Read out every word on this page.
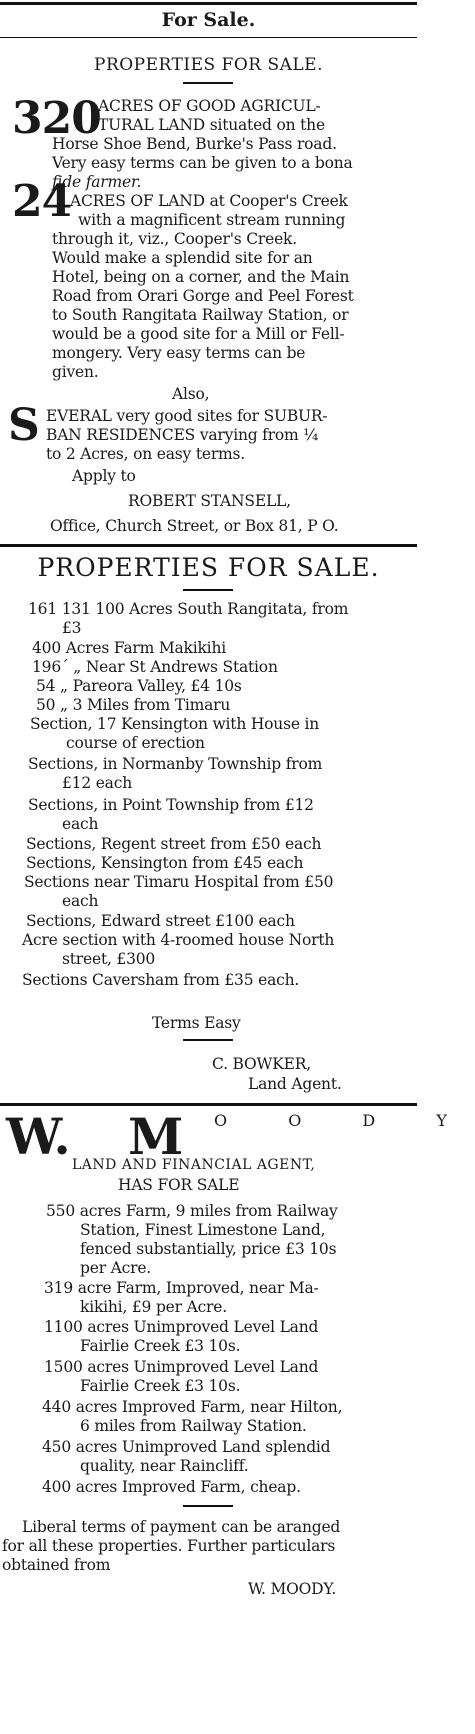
For Sale.
PROPERTIES FOR SALE.
320
ACRES OF GOOD AGRICUL-
TURAL LAND situated on the
Horse Shoe Bend, Burke's Pass road.
Very easy terms can be given to a bona
fide farmer.
24
ACRES OF LAND at Cooper's Creek
with a magnificent stream running
through it, viz., Cooper's Creek.
Would make a splendid site for an
Hotel, being on a corner, and the Main
Road from Orari Gorge and Peel Forest
to South Rangitata Railway Station, or
would be a good site for a Mill or Fell-
mongery. Very easy terms can be
given.
Also,
S EVERAL very good sites for SUBUR-
BAN RESIDENCES varying from ¼
to 2 Acres, on easy terms.
Apply to
ROBERT STANSELL,
Office, Church Street, or Box 81, P O.
PROPERTIES FOR SALE.
161 131 100 Acres South Rangitata, from
£3
400 Acres Farm Makikihi
196´ „ Near St Andrews Station
54 „ Pareora Valley, £4 10s
50 „ 3 Miles from Timaru
Section, 17 Kensington with House in
course of erection
Sections, in Normanby Township from
£12 each
Sections, in Point Township from £12
each
Sections, Regent street from £50 each
Sections, Kensington from £45 each
Sections near Timaru Hospital from £50
each
Sections, Edward street £100 each
Acre section with 4-roomed house North
street, £300
Sections Caversham from £35 each.
Terms Easy
C. BOWKER,
Land Agent.
W. M O O D Y
LAND AND FINANCIAL AGENT,
HAS FOR SALE
550 acres Farm, 9 miles from Railway
Station, Finest Limestone Land,
fenced substantially, price £3 10s
per Acre.
319 acre Farm, Improved, near Ma-
kikihi, £9 per Acre.
1100 acres Unimproved Level Land
Fairlie Creek £3 10s.
1500 acres Unimproved Level Land
Fairlie Creek £3 10s.
440 acres Improved Farm, near Hilton,
6 miles from Railway Station.
450 acres Unimproved Land splendid
quality, near Raincliff.
400 acres Improved Farm, cheap.
Liberal terms of payment can be aranged
for all these properties. Further particulars
obtained from
W. MOODY.
